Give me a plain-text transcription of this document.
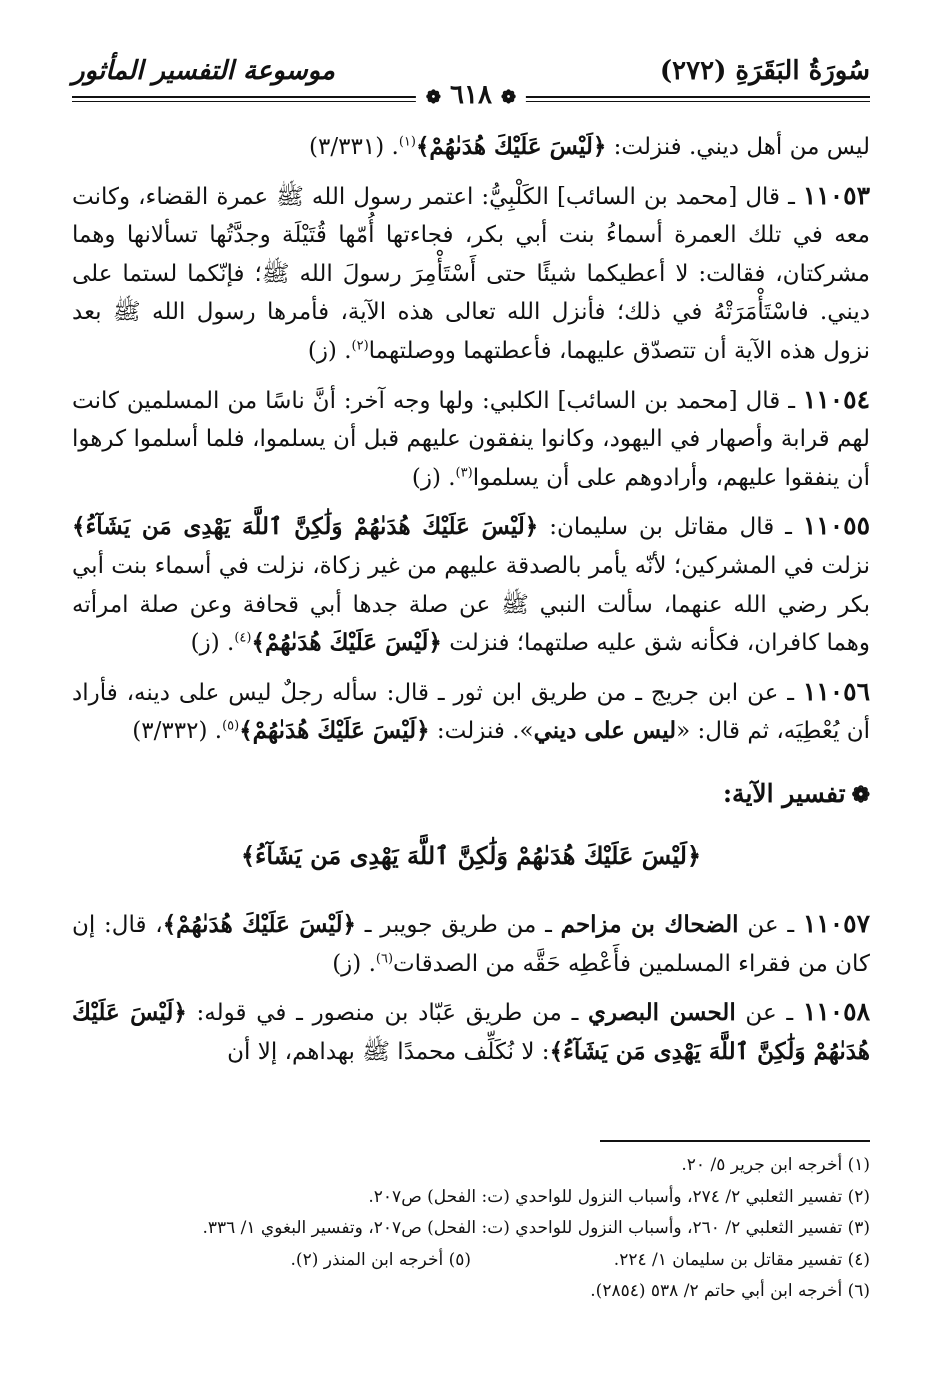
سُورَةُ البَقَرَةِ (٢٧٢)
موسوعة التفسير المأثور
❁ ٦١٨ ❁

ليس من أهل ديني. فنزلت: ﴿لَيْسَ عَلَيْكَ هُدَىٰهُمْ﴾$^{(١)}$. (٣/٣٣١)

١١٠٥٣ ـ قال [محمد بن السائب] الكَلْبِيُّ: اعتمر رسول الله ﷺ عمرة القضاء، وكانت معه في تلك العمرة أسماءُ بنت أبي بكر، فجاءتها أُمّها قُتَيْلَة وجدَّتُها تسألانها وهما مشركتان، فقالت: لا أعطيكما شيئًا حتى أَسْتَأْمِرَ رسولَ الله ﷺ؛ فإنّكما لستما على ديني. فاسْتَأْمَرَتْهُ في ذلك؛ فأنزل الله تعالى هذه الآية، فأمرها رسول الله ﷺ بعد نزول هذه الآية أن تتصدّق عليهما، فأعطتهما ووصلتهما$^{(٢)}$. (ز)

١١٠٥٤ ـ قال [محمد بن السائب] الكلبي: ولها وجه آخر: أنَّ ناسًا من المسلمين كانت لهم قرابة وأصهار في اليهود، وكانوا ينفقون عليهم قبل أن يسلموا، فلما أسلموا كرهوا أن ينفقوا عليهم، وأرادوهم على أن يسلموا$^{(٣)}$. (ز)

١١٠٥٥ ـ قال مقاتل بن سليمان: ﴿لَيْسَ عَلَيْكَ هُدَىٰهُمْ وَلَٰكِنَّ ٱللَّهَ يَهْدِى مَن يَشَآءُ﴾ نزلت في المشركين؛ لأنّه يأمر بالصدقة عليهم من غير زكاة، نزلت في أسماء بنت أبي بكر رضي الله عنهما، سألت النبي ﷺ عن صلة جدها أبي قحافة وعن صلة امرأته وهما كافران، فكأنه شق عليه صلتهما؛ فنزلت ﴿لَيْسَ عَلَيْكَ هُدَىٰهُمْ﴾$^{(٤)}$. (ز)

١١٠٥٦ ـ عن ابن جريج ـ من طريق ابن ثور ـ قال: سأله رجلٌ ليس على دينه، فأراد أن يُعْطِيَه، ثم قال: «ليس على ديني». فنزلت: ﴿لَيْسَ عَلَيْكَ هُدَىٰهُمْ﴾$^{(٥)}$. (٣/٣٣٢)

❁تفسير الآية:
﴿لَيْسَ عَلَيْكَ هُدَىٰهُمْ وَلَٰكِنَّ ٱللَّهَ يَهْدِى مَن يَشَآءُ﴾

١١٠٥٧ ـ عن الضحاك بن مزاحم ـ من طريق جويبر ـ ﴿لَيْسَ عَلَيْكَ هُدَىٰهُمْ﴾، قال: إن كان من فقراء المسلمين فأَعْطِه حَقَّه من الصدقات$^{(٦)}$. (ز)

١١٠٥٨ ـ عن الحسن البصري ـ من طريق عَبّاد بن منصور ـ في قوله: ﴿لَيْسَ عَلَيْكَ هُدَىٰهُمْ وَلَٰكِنَّ ٱللَّهَ يَهْدِى مَن يَشَآءُ﴾: لا نُكَلِّف محمدًا ﷺ بهداهم، إلا أن

(١) أخرجه ابن جرير ٥/ ٢٠.

(٢) تفسير الثعلبي ٢/ ٢٧٤، وأسباب النزول للواحدي (ت: الفحل) ص٢٠٧.

(٣) تفسير الثعلبي ٢/ ٢٦٠، وأسباب النزول للواحدي (ت: الفحل) ص٢٠٧، وتفسير البغوي ١/ ٣٣٦.

(٤) تفسير مقاتل بن سليمان ١/ ٢٢٤.

(٥) أخرجه ابن المنذر (٢).

(٦) أخرجه ابن أبي حاتم ٢/ ٥٣٨ (٢٨٥٤).
